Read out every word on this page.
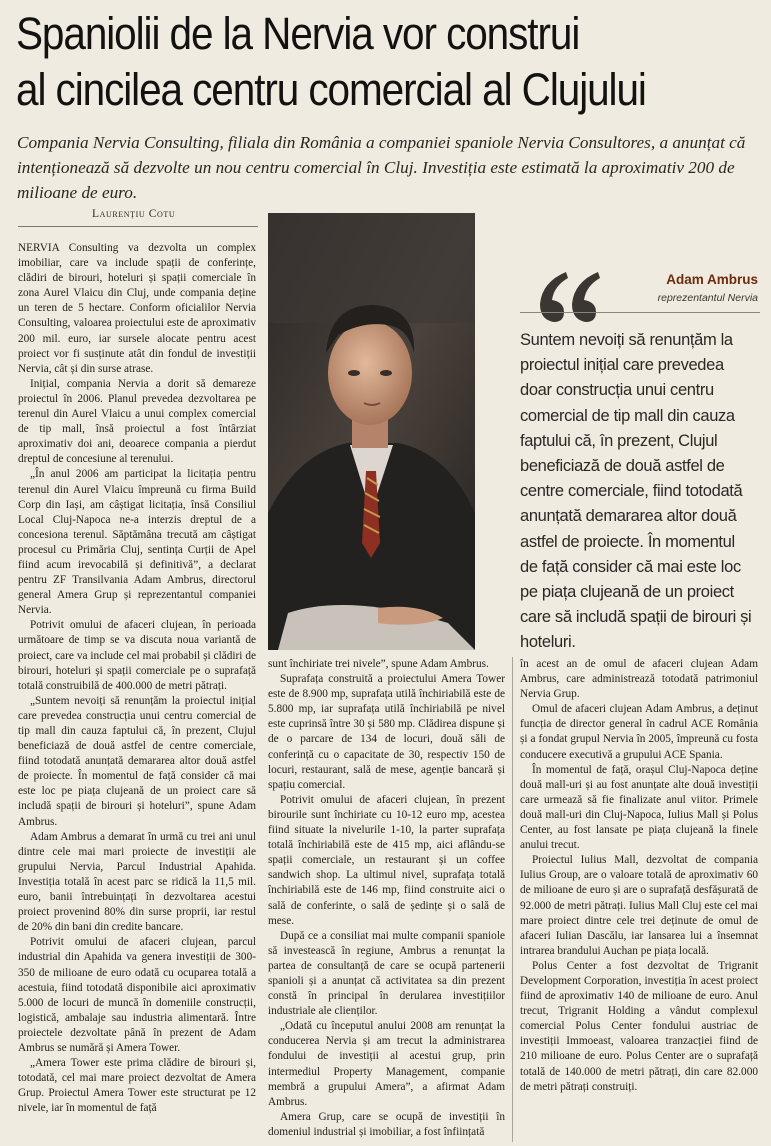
Spaniolii de la Nervia vor construi
al cincilea centru comercial al Clujului
Compania Nervia Consulting, filiala din România a companiei spaniole Nervia Consultores, a anunțat că intenționează să dezvolte un nou centru comercial în Cluj. Investiția este estimată la aproximativ 200 de milioane de euro.
Laurențiu Cotu

NERVIA Consulting va dezvolta un complex imobiliar, care va include spații de conferințe, clădiri de birouri, hoteluri și spații comerciale în zona Aurel Vlaicu din Cluj, unde compania deține un teren de 5 hectare. Conform oficialilor Nervia Consulting, valoarea proiectului este de aproximativ 200 mil. euro, iar sursele alocate pentru acest proiect vor fi susținute atât din fondul de investiții Nervia, cât și din surse atrase.

Inițial, compania Nervia a dorit să demareze proiectul în 2006. Planul prevedea dezvoltarea pe terenul din Aurel Vlaicu a unui complex comercial de tip mall, însă proiectul a fost întârziat aproximativ doi ani, deoarece compania a pierdut dreptul de concesiune al terenului.

„În anul 2006 am participat la licitația pentru terenul din Aurel Vlaicu împreună cu firma Build Corp din Iași, am câștigat licitația, însă Consiliul Local Cluj-Napoca ne-a interzis dreptul de a concesiona terenul. Săptămâna trecută am câștigat procesul cu Primăria Cluj, sentința Curții de Apel fiind acum irevocabilă și definitivă”, a declarat pentru ZF Transilvania Adam Ambrus, directorul general Amera Grup și reprezentantul companiei Nervia.

Potrivit omului de afaceri clujean, în perioada următoare de timp se va discuta noua variantă de proiect, care va include cel mai probabil și clădiri de birouri, hoteluri și spații comerciale pe o suprafață totală construibilă de 400.000 de metri pătrați.

„Suntem nevoiți să renunțăm la proiectul inițial care prevedea construcția unui centru comercial de tip mall din cauza faptului că, în prezent, Clujul beneficiază de două astfel de centre comerciale, fiind totodată anunțată demararea altor două astfel de proiecte. În momentul de față consider că mai este loc pe piața clujeană de un proiect care să includă spații de birouri și hoteluri”, spune Adam Ambrus.

Adam Ambrus a demarat în urmă cu trei ani unul dintre cele mai mari proiecte de investiții ale grupului Nervia, Parcul Industrial Apahida. Investiția totală în acest parc se ridică la 11,5 mil. euro, banii întrebuințați în dezvoltarea acestui proiect provenind 80% din surse proprii, iar restul de 20% din bani din credite bancare.

Potrivit omului de afaceri clujean, parcul industrial din Apahida va genera investiții de 300-350 de milioane de euro odată cu ocuparea totală a acestuia, fiind totodată disponibile aici aproximativ 5.000 de locuri de muncă în domeniile construcții, logistică, ambalaje sau industria alimentară. Între proiectele dezvoltate până în prezent de Adam Ambrus se numără și Amera Tower.

„Amera Tower este prima clădire de birouri și, totodată, cel mai mare proiect dezvoltat de Amera Grup. Proiectul Amera Tower este structurat pe 12 nivele, iar în momentul de față

Adam Ambrus
reprezentantul Nervia
Suntem nevoiți să renunțăm la proiectul inițial care prevedea doar construcția unui centru comercial de tip mall din cauza faptului că, în prezent, Clujul beneficiază de două astfel de centre comerciale, fiind totodată anunțată demararea altor două astfel de proiecte. În momentul de față consider că mai este loc pe piața clujeană de un proiect care să includă spații de birouri și hoteluri.

sunt închiriate trei nivele”, spune Adam Ambrus.

Suprafața construită a proiectului Amera Tower este de 8.900 mp, suprafața utilă închiriabilă este de 5.800 mp, iar suprafața utilă închiriabilă pe nivel este cuprinsă între 30 și 580 mp. Clădirea dispune și de o parcare de 134 de locuri, două săli de conferință cu o capacitate de 30, respectiv 150 de locuri, restaurant, sală de mese, agenție bancară și spațiu comercial.

Potrivit omului de afaceri clujean, în prezent birourile sunt închiriate cu 10-12 euro mp, acestea fiind situate la nivelurile 1-10, la parter suprafața totală închiriabilă este de 415 mp, aici aflându-se spații comerciale, un restaurant și un coffee sandwich shop. La ultimul nivel, suprafața totală închiriabilă este de 146 mp, fiind construite aici o sală de conferinte, o sală de ședințe și o sală de mese.

După ce a consiliat mai multe companii spaniole să investească în regiune, Ambrus a renunțat la partea de consultanță de care se ocupă partenerii spanioli și a anunțat că activitatea sa din prezent constă în principal în derularea investițiilor industriale ale clienților.

„Odată cu începutul anului 2008 am renunțat la conducerea Nervia și am trecut la administrarea fondului de investiții al acestui grup, prin intermediul Property Management, companie membră a grupului Amera”, a afirmat Adam Ambrus.

Amera Grup, care se ocupă de investiții în domeniul industrial și imobiliar, a fost înființată

în acest an de omul de afaceri clujean Adam Ambrus, care administrează totodată patrimoniul Nervia Grup.

Omul de afaceri clujean Adam Ambrus, a deținut funcția de director general în cadrul ACE România și a fondat grupul Nervia în 2005, împreună cu fosta conducere executivă a grupului ACE Spania.

În momentul de față, orașul Cluj-Napoca deține două mall-uri și au fost anunțate alte două investiții care urmează să fie finalizate anul viitor. Primele două mall-uri din Cluj-Napoca, Iulius Mall și Polus Center, au fost lansate pe piața clujeană la finele anului trecut.

Proiectul Iulius Mall, dezvoltat de compania Iulius Group, are o valoare totală de aproximativ 60 de milioane de euro și are o suprafață desfășurată de 92.000 de metri pătrați. Iulius Mall Cluj este cel mai mare proiect dintre cele trei deținute de omul de afaceri Iulian Dascălu, iar lansarea lui a însemnat intrarea brandului Auchan pe piața locală.

Polus Center a fost dezvoltat de Trigranit Development Corporation, investiția în acest proiect fiind de aproximativ 140 de milioane de euro. Anul trecut, Trigranit Holding a vândut complexul comercial Polus Center fondului austriac de investiții Immoeast, valoarea tranzacției fiind de 210 milioane de euro. Polus Center are o suprafață totală de 140.000 de metri pătrați, din care 82.000 de metri pătrați construiți.
